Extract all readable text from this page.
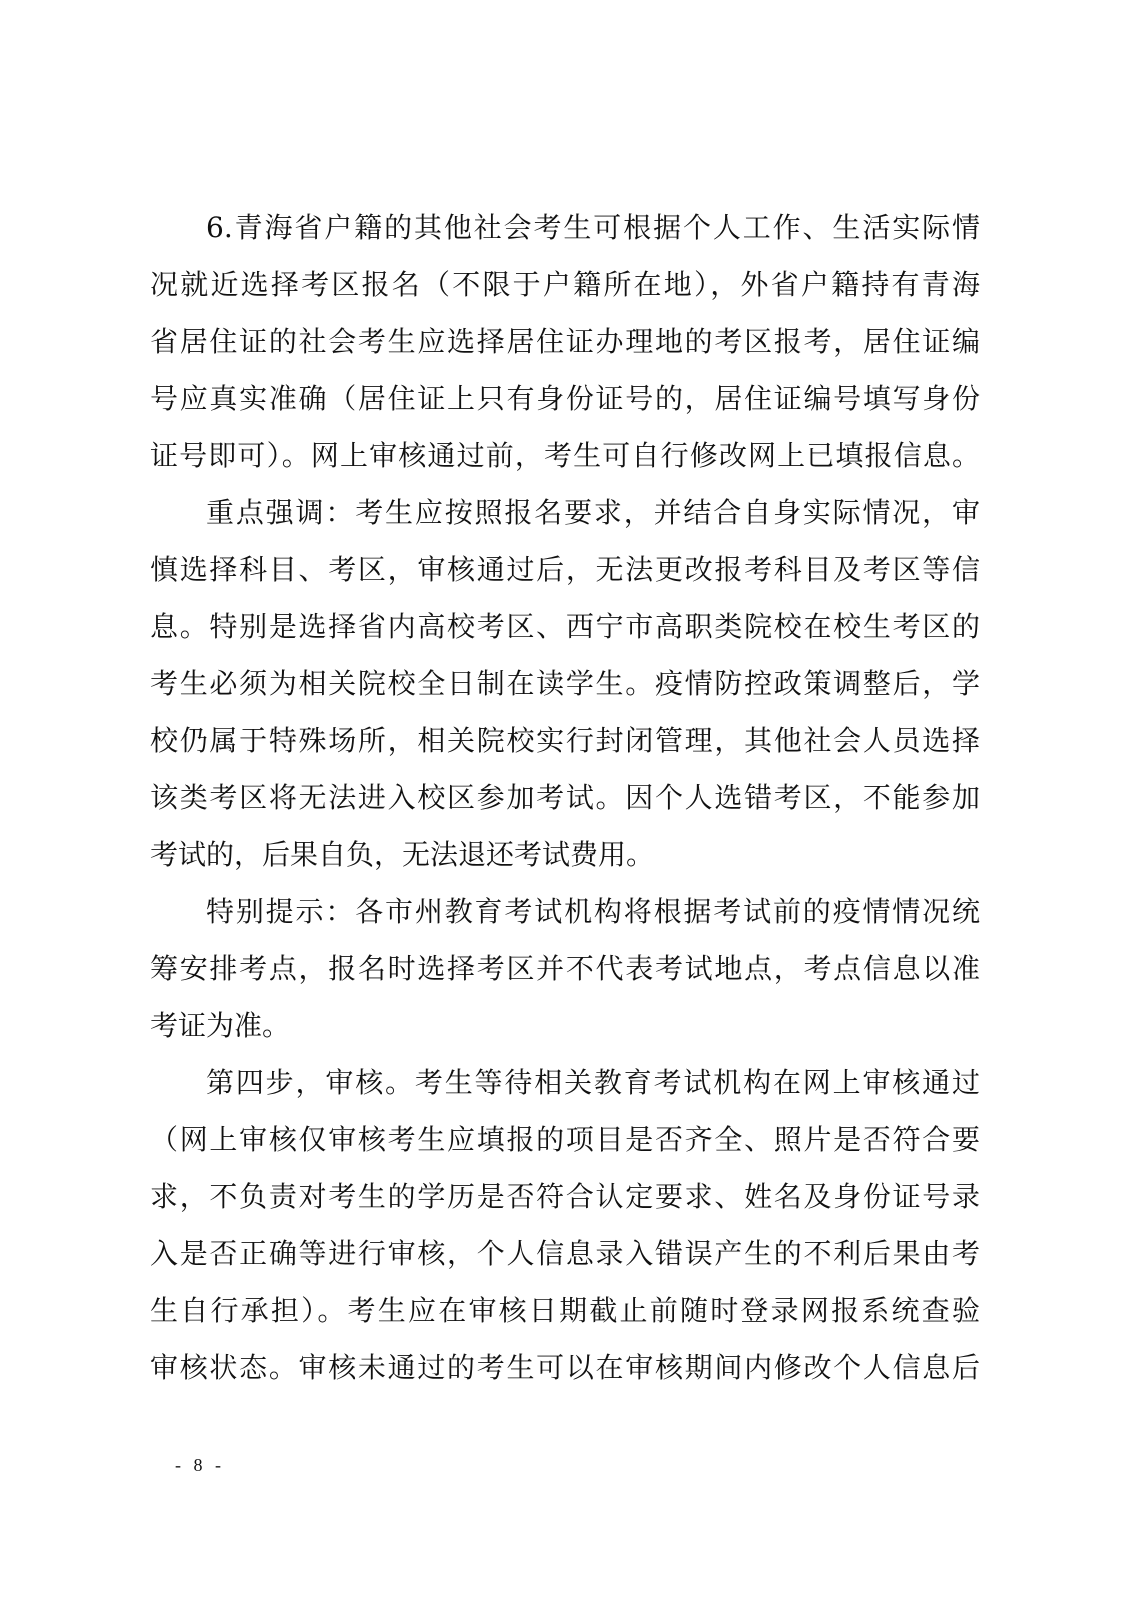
6.青海省户籍的其他社会考生可根据个人工作、生活实际情
况就近选择考区报名（不限于户籍所在地），外省户籍持有青海
省居住证的社会考生应选择居住证办理地的考区报考，居住证编
号应真实准确（居住证上只有身份证号的，居住证编号填写身份
证号即可）。网上审核通过前，考生可自行修改网上已填报信息。
重点强调：考生应按照报名要求，并结合自身实际情况，审
慎选择科目、考区，审核通过后，无法更改报考科目及考区等信
息。特别是选择省内高校考区、西宁市高职类院校在校生考区的
考生必须为相关院校全日制在读学生。疫情防控政策调整后，学
校仍属于特殊场所，相关院校实行封闭管理，其他社会人员选择
该类考区将无法进入校区参加考试。因个人选错考区，不能参加
考试的，后果自负，无法退还考试费用。
特别提示：各市州教育考试机构将根据考试前的疫情情况统
筹安排考点，报名时选择考区并不代表考试地点，考点信息以准
考证为准。
第四步，审核。考生等待相关教育考试机构在网上审核通过
（网上审核仅审核考生应填报的项目是否齐全、照片是否符合要
求，不负责对考生的学历是否符合认定要求、姓名及身份证号录
入是否正确等进行审核，个人信息录入错误产生的不利后果由考
生自行承担）。考生应在审核日期截止前随时登录网报系统查验
审核状态。审核未通过的考生可以在审核期间内修改个人信息后
- 8 -
